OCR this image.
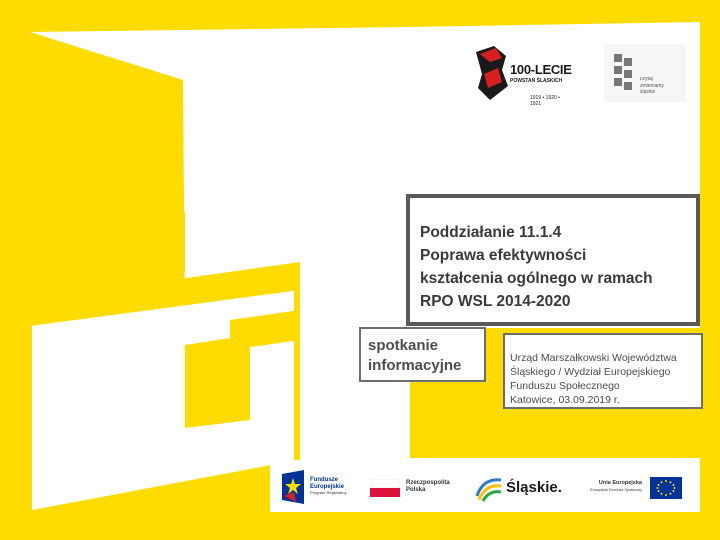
100-LECIE
POWSTAŃ ŚLĄSKICH
1919 • 1920 • 1921
czytaj
zmieniamy
śląskie
Poddziałanie 11.1.4
Poprawa efektywności
kształcenia ogólnego w ramach
RPO WSL 2014-2020
spotkanie
informacyjne	Urząd Marszałkowski Województwa
Śląskiego / Wydział Europejskiego
Funduszu Społecznego
Katowice, 03.09.2019 r.
Fundusze
Europejskie
Program Regionalny
Rzeczpospolita
Polska	Śląskie.	Unia Europejska
Europejski Fundusz Społeczny
